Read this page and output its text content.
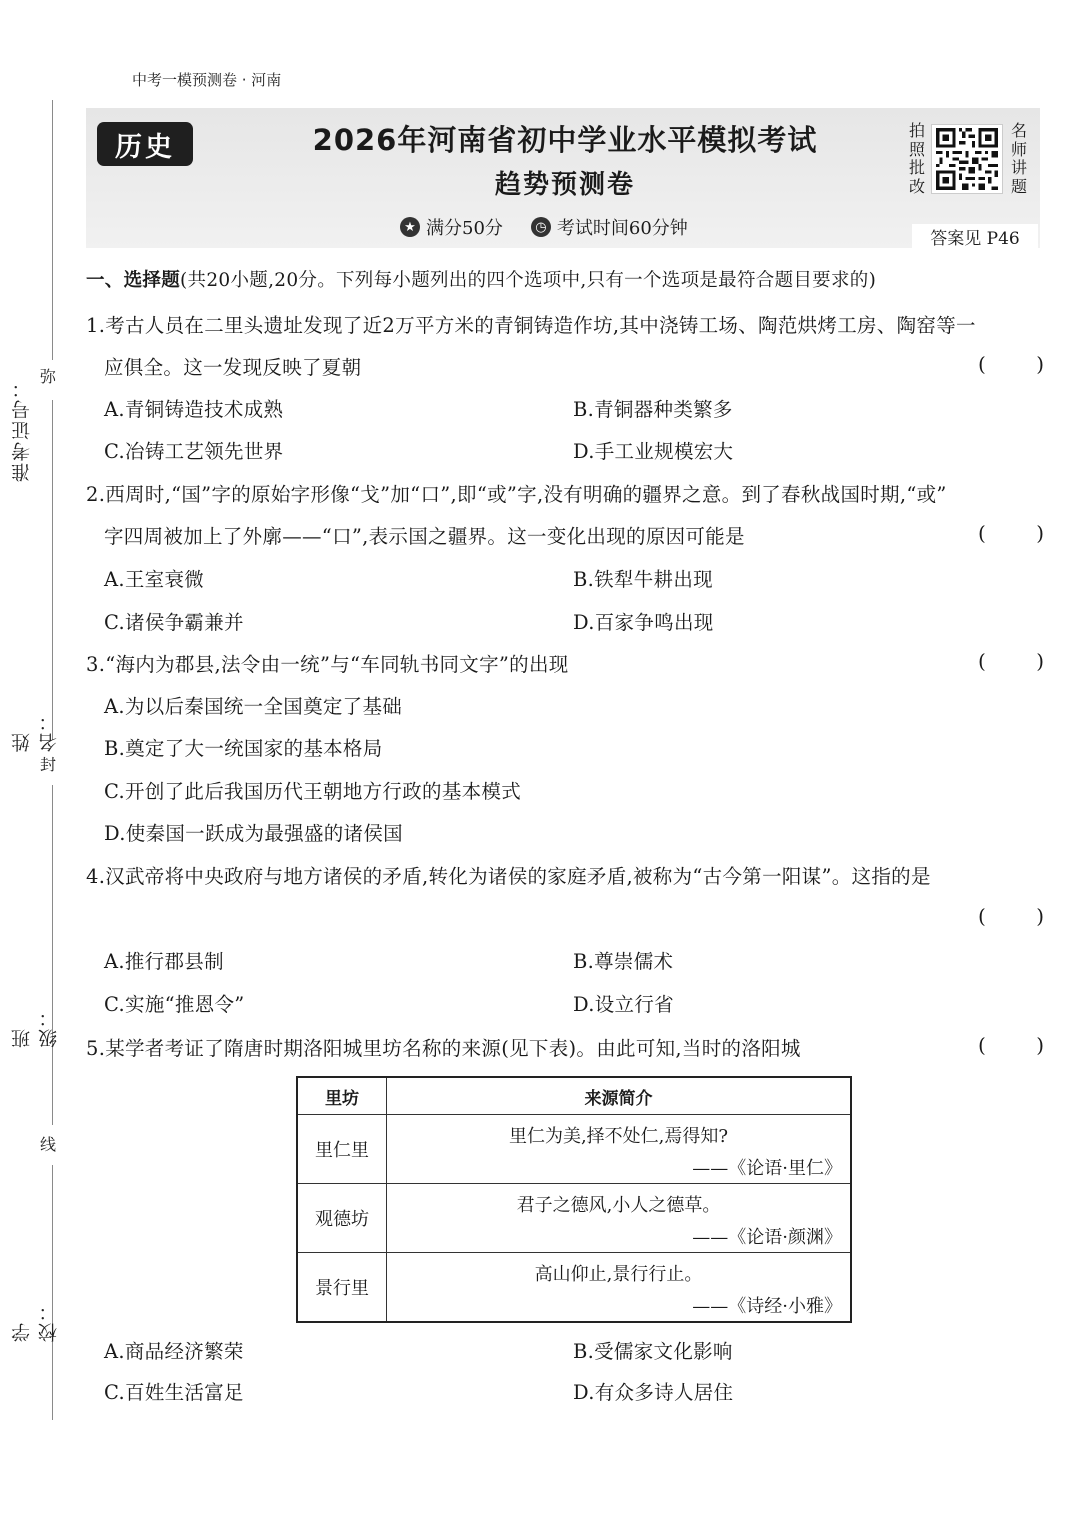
中考一模预测卷 · 河南
准考证号：
姓名：
班级：
学校：
弥
封
线
历史	2026年河南省初中学业水平模拟考试
趋势预测卷
★ 满分50分	◷ 考试时间60分钟
拍
照
批
改
名
师
讲
题
答案见 P46
一、选择题(共20小题,20分。下列每小题列出的四个选项中,只有一个选项是最符合题目要求的)
1.考古人员在二里头遗址发现了近2万平方米的青铜铸造作坊,其中浇铸工场、陶范烘烤工房、陶窑等一
应俱全。这一发现反映了夏朝	(	)
A.青铜铸造技术成熟	B.青铜器种类繁多
C.冶铸工艺领先世界	D.手工业规模宏大
2.西周时,“国”字的原始字形像“戈”加“口”,即“或”字,没有明确的疆界之意。到了春秋战国时期,“或”
字四周被加上了外廓——“口”,表示国之疆界。这一变化出现的原因可能是	(	)
A.王室衰微	B.铁犁牛耕出现
C.诸侯争霸兼并	D.百家争鸣出现
3.“海内为郡县,法令由一统”与“车同轨书同文字”的出现	(	)
A.为以后秦国统一全国奠定了基础
B.奠定了大一统国家的基本格局
C.开创了此后我国历代王朝地方行政的基本模式
D.使秦国一跃成为最强盛的诸侯国
4.汉武帝将中央政府与地方诸侯的矛盾,转化为诸侯的家庭矛盾,被称为“古今第一阳谋”。这指的是
(	)
A.推行郡县制	B.尊崇儒术
C.实施“推恩令”	D.设立行省
5.某学者考证了隋唐时期洛阳城里坊名称的来源(见下表)。由此可知,当时的洛阳城	(	)
里坊	来源简介
里仁里	里仁为美,择不处仁,焉得知?
——《论语·里仁》

观德坊	君子之德风,小人之德草。
——《论语·颜渊》

景行里	高山仰止,景行行止。
——《诗经·小雅》
A.商品经济繁荣	B.受儒家文化影响
C.百姓生活富足	D.有众多诗人居住
